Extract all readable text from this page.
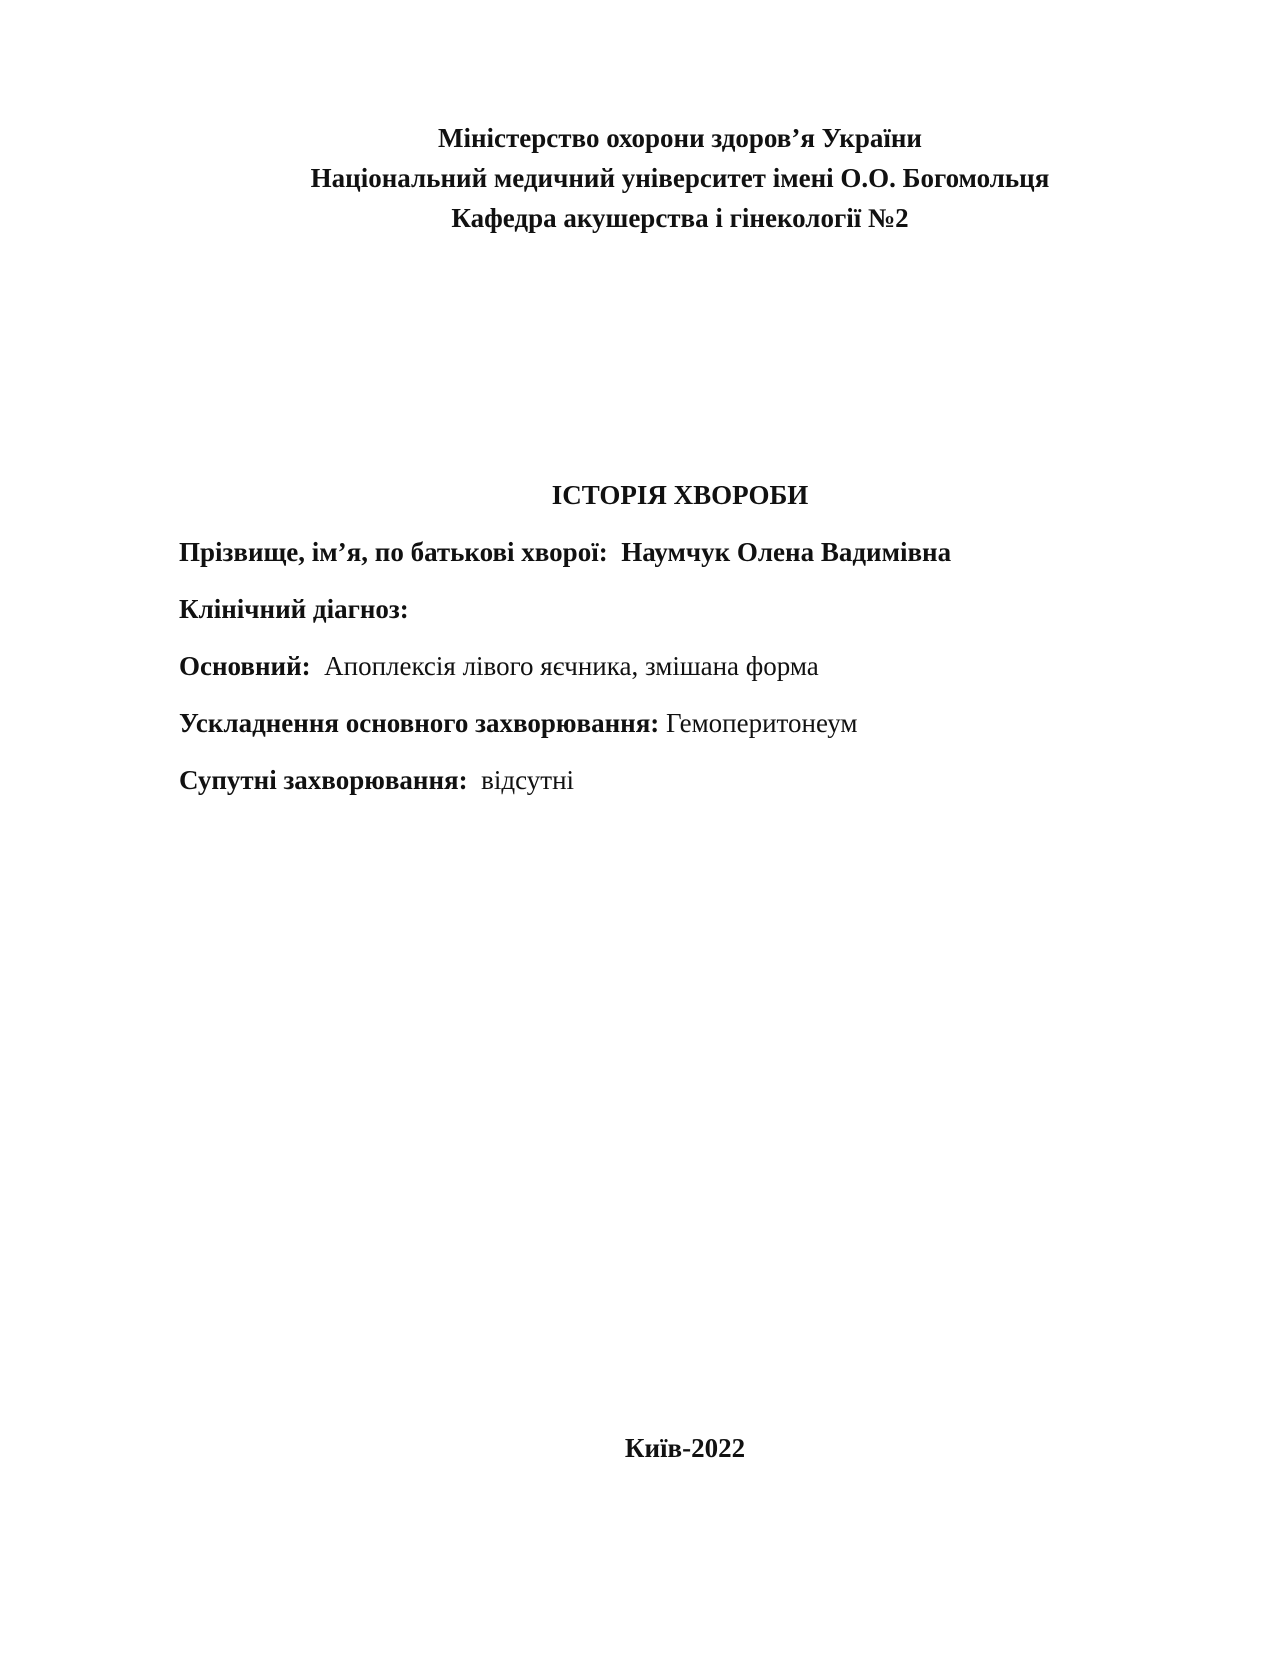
Міністерство охорони здоров’я України
Національний медичний університет імені О.О. Богомольця
Кафедра акушерства і гінекології №2
ІСТОРІЯ ХВОРОБИ
Прізвище, ім’я, по батькові хворої: Наумчук Олена Вадимівна
Клінічний діагноз:
Основний: Апоплексія лівого яєчника, змішана форма
Ускладнення основного захворювання: Гемоперитонеум
Супутні захворювання: відсутні
Київ-2022
